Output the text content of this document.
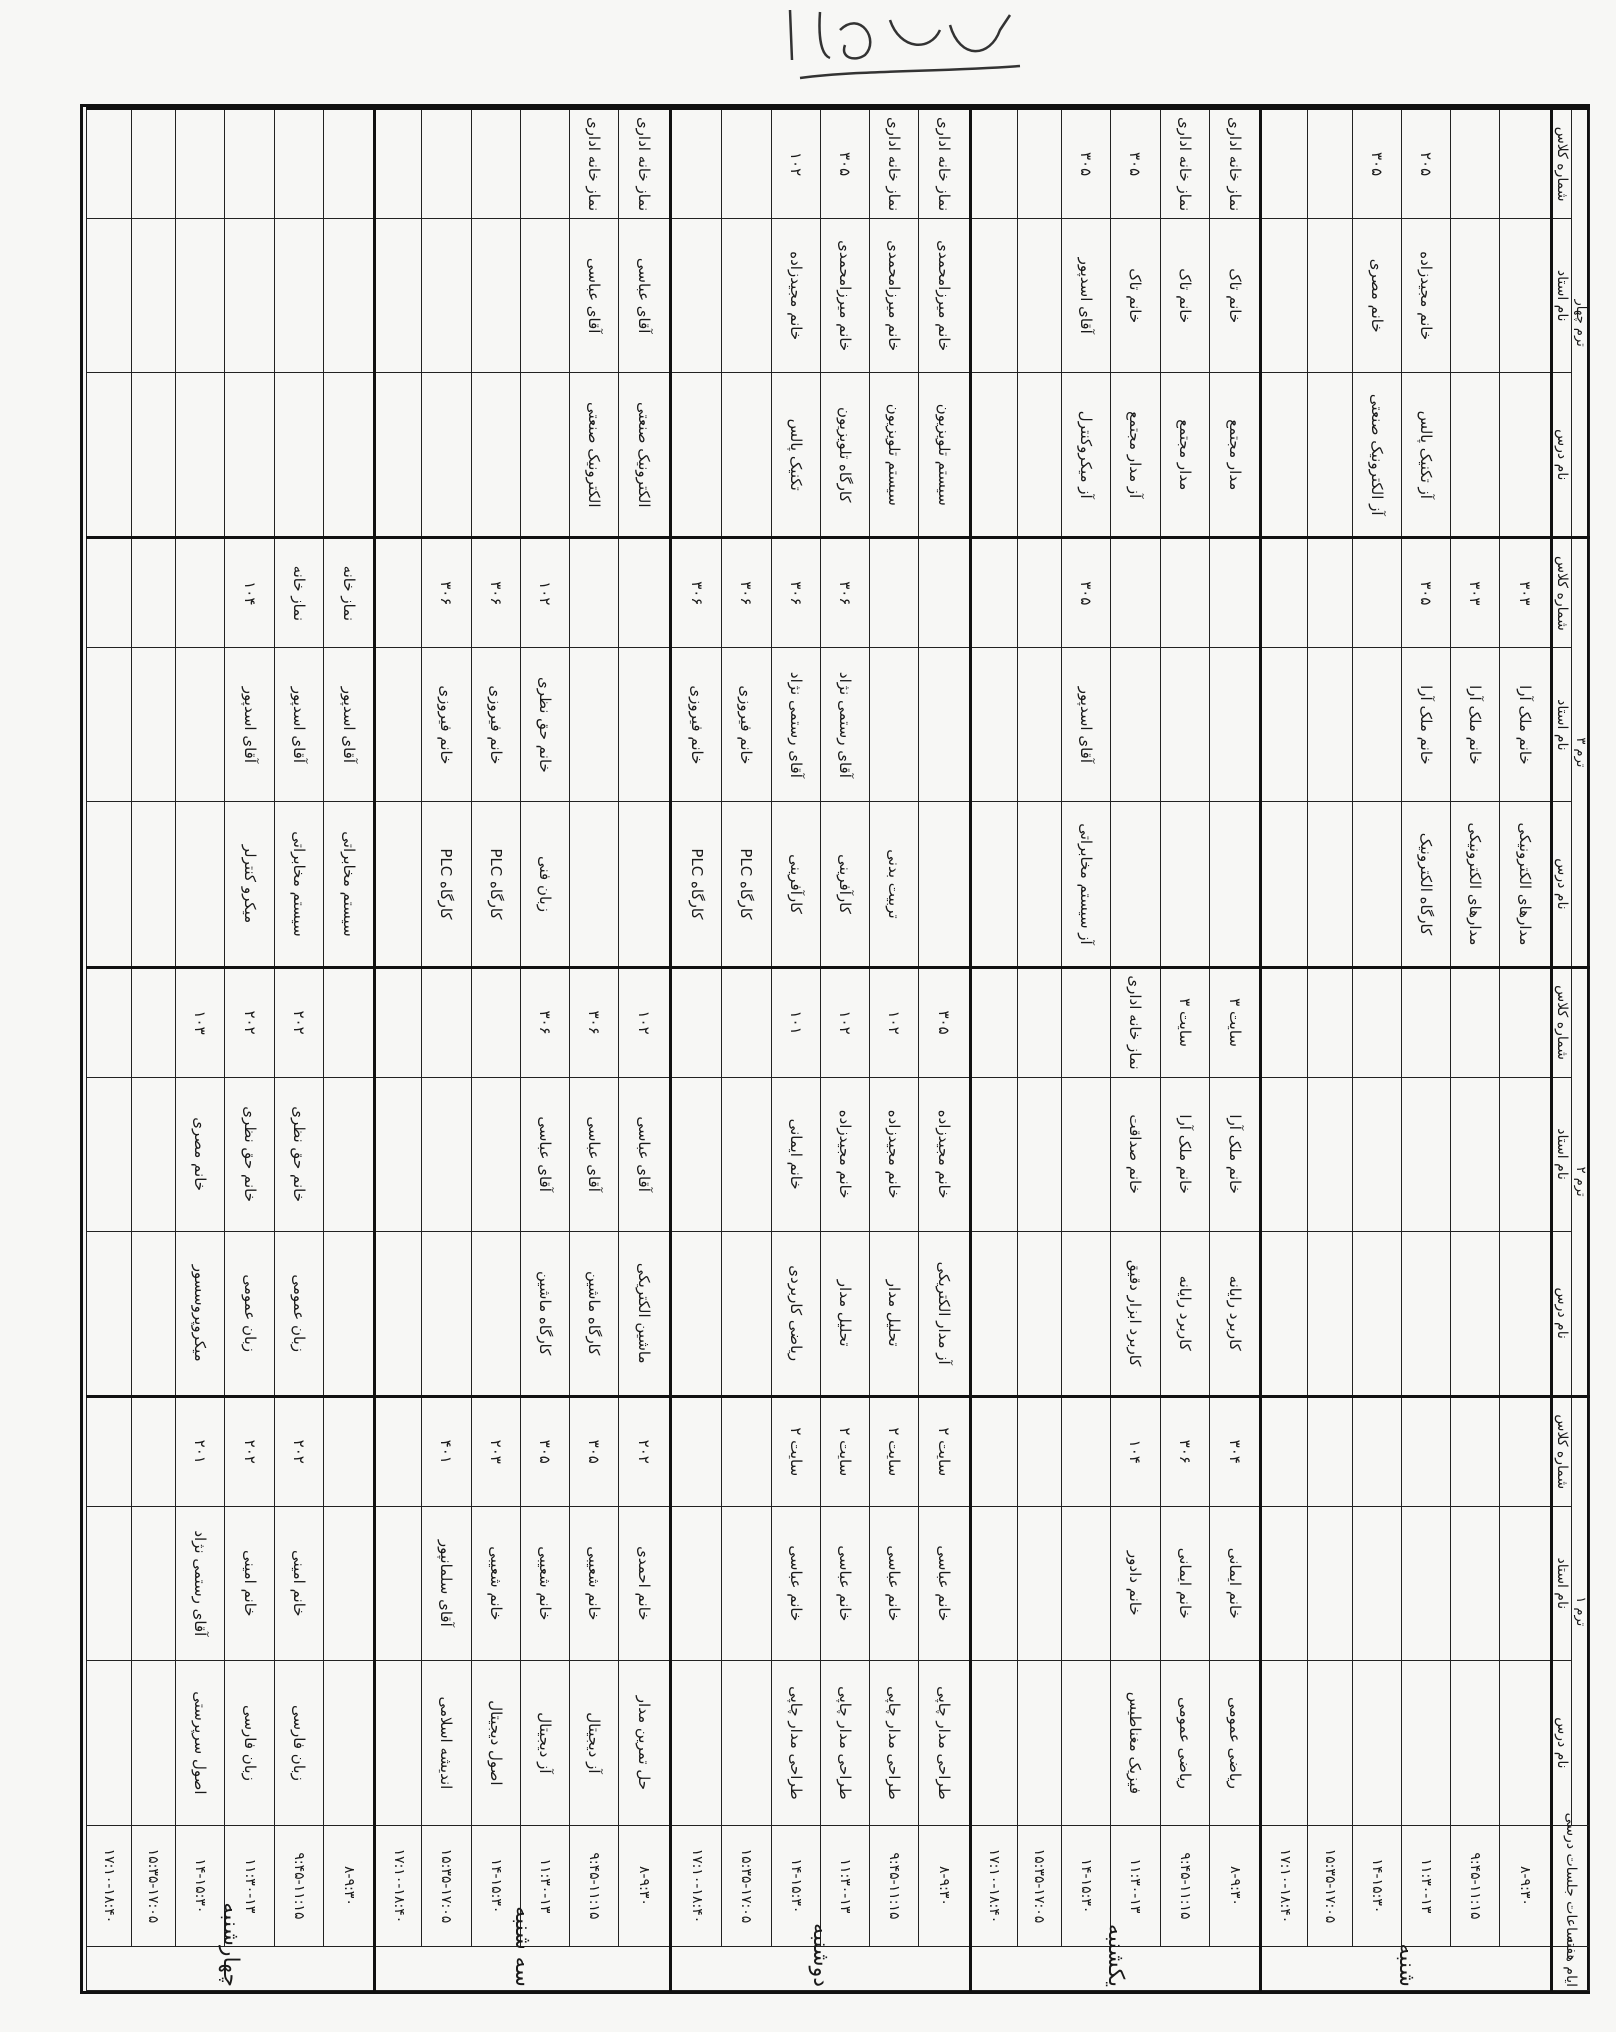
ایام هفته	ساعات جلسات درسی	ترم ۱			ترم ۲			ترم ۳			ترم چهار		
		نام درس	نام استاد	شماره کلاس	نام درس	نام استاد	شماره کلاس	نام درس	نام استاد	شماره کلاس	نام درس	نام استاد	شماره کلاس
شنبه	۸-۹:۳۰							مدارهای الکترونیکی	خانم ملک آرا	۳۰۳			
	۹:۴۵-۱۱:۱۵							مدارهای الکترونیکی	خانم ملک آرا	۳۰۳			
	۱۱:۳۰-۱۳							کارگاه الکترونیک	خانم ملک آرا	۳۰۵	آز تکنیک پالس	خانم مجیدزاده	۲۰۵
	۱۴-۱۵:۳۰										آز الکترونیک صنعتی	خانم مصری	۳۰۵
	۱۵:۳۵-۱۷:۰۵												
	۱۷:۱۰-۱۸:۴۰												
یکشنبه	۸-۹:۳۰	ریاضی عمومی	خانم ایمانی	۳۰۴	کاربرد رایانه	خانم ملک آرا	سایت ۳				مدار مجتمع	خانم تاک	نماز خانه اداری
	۹:۴۵-۱۱:۱۵	ریاضی عمومی	خانم ایمانی	۳۰۶	کاربرد رایانه	خانم ملک آرا	سایت ۳				مدار مجتمع	خانم تاک	نماز خانه اداری
	۱۱:۳۰-۱۳	فیزیک مغناطیس	خانم دادور	۱۰۴	کاربرد ابزار دقیق	خانم صداقت	نماز خانه اداری				آز مدار مجتمع	خانم تاک	۳۰۵
	۱۴-۱۵:۳۰							آز سیستم مخابراتی	آقای اسدپور	۳۰۵	آز میکروکنترل	آقای اسدپور	۳۰۵
	۱۵:۳۵-۱۷:۰۵												
	۱۷:۱۰-۱۸:۴۰												
دوشنبه	۸-۹:۳۰	طراحی مدار چاپی	خانم عباسی	سایت ۲	آز مدار الکتریکی	خانم مجیدزاده	۳۰۵				سیستم تلویزیون	خانم میرزامحمدی	نماز خانه اداری
	۹:۴۵-۱۱:۱۵	طراحی مدار چاپی	خانم عباسی	سایت ۲	تحلیل مدار	خانم مجیدزاده	۱۰۲	تربیت بدنی			سیستم تلویزیون	خانم میرزامحمدی	نماز خانه اداری
	۱۱:۳۰-۱۳	طراحی مدار چاپی	خانم عباسی	سایت ۲	تحلیل مدار	خانم مجیدزاده	۱۰۲	کارآفرینی	آقای رستمی نژاد	۳۰۶	کارگاه تلویزیون	خانم میرزامحمدی	۳۰۵
	۱۴-۱۵:۳۰	طراحی مدار چاپی	خانم عباسی	سایت ۲	ریاضی کاربردی	خانم ایمانی	۱۰۱	کارآفرینی	آقای رستمی نژاد	۳۰۶	تکنیک پالس	خانم مجیدزاده	۱۰۲
	۱۵:۳۵-۱۷:۰۵							کارگاه PLC	خانم فیروزی	۳۰۶			
	۱۷:۱۰-۱۸:۴۰							کارگاه PLC	خانم فیروزی	۳۰۶			
سه شنبه	۸-۹:۳۰	حل تمرین مدار	خانم احمدی	۲۰۲	ماشین الکتریکی	آقای عباسی	۱۰۲				الکترونیک صنعتی	آقای عباسی	نماز خانه اداری
	۹:۴۵-۱۱:۱۵	آز دیجیتال	خانم شعیبی	۳۰۵	کارگاه ماشین	آقای عباسی	۳۰۶				الکترونیک صنعتی	آقای عباسی	نماز خانه اداری
	۱۱:۳۰-۱۳	آز دیجیتال	خانم شعیبی	۳۰۵	کارگاه ماشین	آقای عباسی	۳۰۶	زبان فنی	خانم حق نظری	۱۰۲			
	۱۴-۱۵:۳۰	اصول دیجیتال	خانم شعیبی	۲۰۳				کارگاه PLC	خانم فیروزی	۳۰۶			
	۱۵:۳۵-۱۷:۰۵	اندیشه اسلامی	آقای سلمانپور	۴۰۱				کارگاه PLC	خانم فیروزی	۳۰۶			
	۱۷:۱۰-۱۸:۴۰												
چهارشنبه	۸-۹:۳۰							سیستم مخابراتی	آقای اسدپور	نماز خانه			
	۹:۴۵-۱۱:۱۵	زبان فارسی	خانم امینی	۲۰۲	زبان عمومی	خانم حق نظری	۲۰۲	سیستم مخابراتی	آقای اسدپور	نماز خانه			
	۱۱:۳۰-۱۳	زبان فارسی	خانم امینی	۲۰۲	زبان عمومی	خانم حق نظری	۲۰۲	میکرو کنترلر	آقای اسدپور	۱۰۴			
	۱۴-۱۵:۳۰	اصول سرپرستی	آقای رستمی نژاد	۲۰۱	میکروپروسسور	خانم مصری	۱۰۳						
	۱۵:۳۵-۱۷:۰۵												
	۱۷:۱۰-۱۸:۴۰												
